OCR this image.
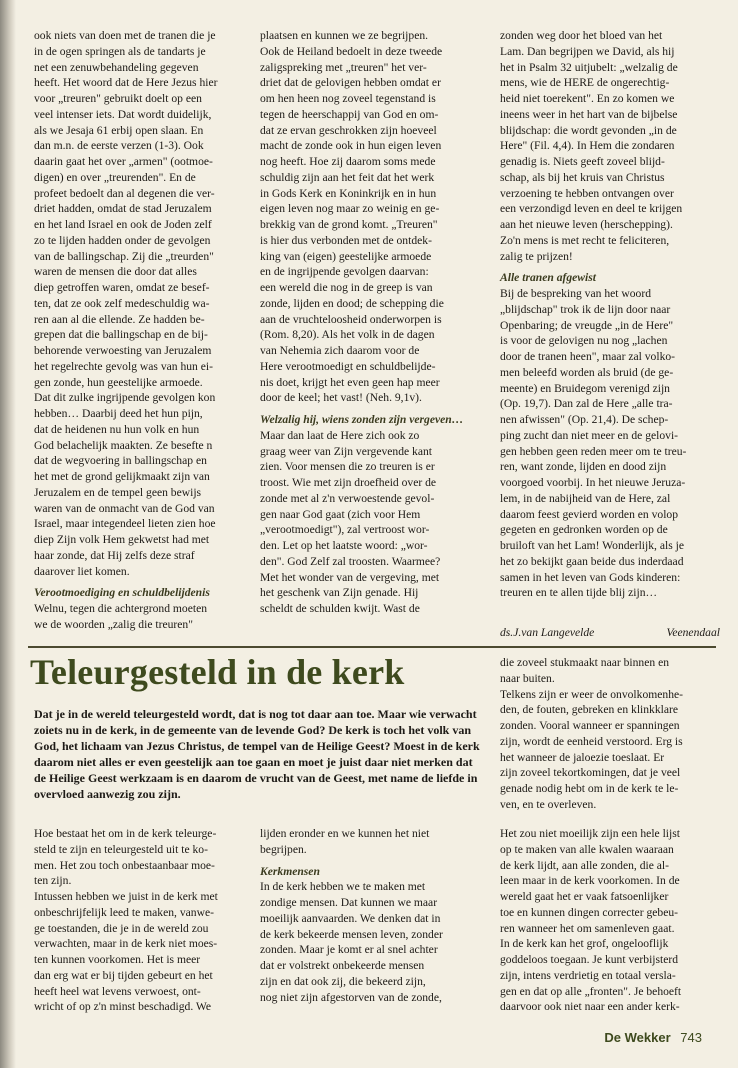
ook niets van doen met de tranen die je

in de ogen springen als de tandarts je

net een zenuwbehandeling gegeven

heeft. Het woord dat de Here Jezus hier

voor „treuren" gebruikt doelt op een

veel intenser iets. Dat wordt duidelijk,

als we Jesaja 61 erbij open slaan. En

dan m.n. de eerste verzen (1-3). Ook

daarin gaat het over „armen" (ootmoe-

digen) en over „treurenden". En de

profeet bedoelt dan al degenen die ver-

driet hadden, omdat de stad Jeruzalem

en het land Israel en ook de Joden zelf

zo te lijden hadden onder de gevolgen

van de ballingschap. Zij die „treurden"

waren de mensen die door dat alles

diep getroffen waren, omdat ze besef-

ten, dat ze ook zelf medeschuldig wa-

ren aan al die ellende. Ze hadden be-

grepen dat die ballingschap en de bij-

behorende verwoesting van Jeruzalem

het regelrechte gevolg was van hun ei-

gen zonde, hun geestelijke armoede.

Dat dit zulke ingrijpende gevolgen kon

hebben… Daarbij deed het hun pijn,

dat de heidenen nu hun volk en hun

God belachelijk maakten. Ze besefte n

dat de wegvoering in ballingschap en

het met de grond gelijkmaakt zijn van

Jeruzalem en de tempel geen bewijs

waren van de onmacht van de God van

Israel, maar integendeel lieten zien hoe

diep Zijn volk Hem gekwetst had met

haar zonde, dat Hij zelfs deze straf

daarover liet komen.

Verootmoediging en schuldbelijdenis

Welnu, tegen die achtergrond moeten

we de woorden „zalig die treuren"

plaatsen en kunnen we ze begrijpen.

Ook de Heiland bedoelt in deze tweede

zaligspreking met „treuren" het ver-

driet dat de gelovigen hebben omdat er

om hen heen nog zoveel tegenstand is

tegen de heerschappij van God en om-

dat ze ervan geschrokken zijn hoeveel

macht de zonde ook in hun eigen leven

nog heeft. Hoe zij daarom soms mede

schuldig zijn aan het feit dat het werk

in Gods Kerk en Koninkrijk en in hun

eigen leven nog maar zo weinig en ge-

brekkig van de grond komt. „Treuren"

is hier dus verbonden met de ontdek-

king van (eigen) geestelijke armoede

en de ingrijpende gevolgen daarvan:

een wereld die nog in de greep is van

zonde, lijden en dood; de schepping die

aan de vruchteloosheid onderworpen is

(Rom. 8,20). Als het volk in de dagen

van Nehemia zich daarom voor de

Here verootmoedigt en schuldbelijde-

nis doet, krijgt het even geen hap meer

door de keel; het vast! (Neh. 9,1v).

Welzalig hij, wiens zonden zijn vergeven…

Maar dan laat de Here zich ook zo

graag weer van Zijn vergevende kant

zien. Voor mensen die zo treuren is er

troost. Wie met zijn droefheid over de

zonde met al z'n verwoestende gevol-

gen naar God gaat (zich voor Hem

„verootmoedigt"), zal vertroost wor-

den. Let op het laatste woord: „wor-

den". God Zelf zal troosten. Waarmee?

Met het wonder van de vergeving, met

het geschenk van Zijn genade. Hij

scheldt de schulden kwijt. Wast de

zonden weg door het bloed van het

Lam. Dan begrijpen we David, als hij

het in Psalm 32 uitjubelt: „welzalig de

mens, wie de HERE de ongerechtig-

heid niet toerekent". En zo komen we

ineens weer in het hart van de bijbelse

blijdschap: die wordt gevonden „in de

Here" (Fil. 4,4). In Hem die zondaren

genadig is. Niets geeft zoveel blijd-

schap, als bij het kruis van Christus

verzoening te hebben ontvangen over

een verzondigd leven en deel te krijgen

aan het nieuwe leven (herschepping).

Zo'n mens is met recht te feliciteren,

zalig te prijzen!

Alle tranen afgewist

Bij de bespreking van het woord

„blijdschap" trok ik de lijn door naar

Openbaring; de vreugde „in de Here"

is voor de gelovigen nu nog „lachen

door de tranen heen", maar zal volko-

men beleefd worden als bruid (de ge-

meente) en Bruidegom verenigd zijn

(Op. 19,7). Dan zal de Here „alle tra-

nen afwissen" (Op. 21,4). De schep-

ping zucht dan niet meer en de gelovi-

gen hebben geen reden meer om te treu-

ren, want zonde, lijden en dood zijn

voorgoed voorbij. In het nieuwe Jeruza-

lem, in de nabijheid van de Here, zal

daarom feest gevierd worden en volop

gegeten en gedronken worden op de

bruiloft van het Lam! Wonderlijk, als je

het zo bekijkt gaan beide dus inderdaad

samen in het leven van Gods kinderen:

treuren en te allen tijde blij zijn…

ds.J.van Langevelde	Veenendaal
Teleurgesteld in de kerk
Dat je in de wereld teleurgesteld wordt, dat is nog tot daar aan toe. Maar wie verwacht zoiets nu in de kerk, in de gemeente van de levende God? De kerk is toch het volk van God, het lichaam van Jezus Christus, de tempel van de Heilige Geest? Moest in de kerk daarom niet alles er even geestelijk aan toe gaan en moet je juist daar niet merken dat de Heilige Geest werkzaam is en daarom de vrucht van de Geest, met name de liefde in overvloed aanwezig zou zijn.

die zoveel stukmaakt naar binnen en

naar buiten.

Telkens zijn er weer de onvolkomenhe-

den, de fouten, gebreken en klinkklare

zonden. Vooral wanneer er spanningen

zijn, wordt de eenheid verstoord. Erg is

het wanneer de jaloezie toeslaat. Er

zijn zoveel tekortkomingen, dat je veel

genade nodig hebt om in de kerk te le-

ven, en te overleven.

Hoe bestaat het om in de kerk teleurge-

steld te zijn en teleurgesteld uit te ko-

men. Het zou toch onbestaanbaar moe-

ten zijn.

Intussen hebben we juist in de kerk met

onbeschrijfelijk leed te maken, vanwe-

ge toestanden, die je in de wereld zou

verwachten, maar in de kerk niet moes-

ten kunnen voorkomen. Het is meer

dan erg wat er bij tijden gebeurt en het

heeft heel wat levens verwoest, ont-

wricht of op z'n minst beschadigd. We

lijden eronder en we kunnen het niet

begrijpen.

Kerkmensen

In de kerk hebben we te maken met

zondige mensen. Dat kunnen we maar

moeilijk aanvaarden. We denken dat in

de kerk bekeerde mensen leven, zonder

zonden. Maar je komt er al snel achter

dat er volstrekt onbekeerde mensen

zijn en dat ook zij, die bekeerd zijn,

nog niet zijn afgestorven van de zonde,

Het zou niet moeilijk zijn een hele lijst

op te maken van alle kwalen waaraan

de kerk lijdt, aan alle zonden, die al-

leen maar in de kerk voorkomen. In de

wereld gaat het er vaak fatsoenlijker

toe en kunnen dingen correcter gebeu-

ren wanneer het om samenleven gaat.

In de kerk kan het grof, ongelooflijk

goddeloos toegaan. Je kunt verbijsterd

zijn, intens verdrietig en totaal versla-

gen en dat op alle „fronten". Je behoeft

daarvoor ook niet naar een ander kerk-

De Wekker 743
